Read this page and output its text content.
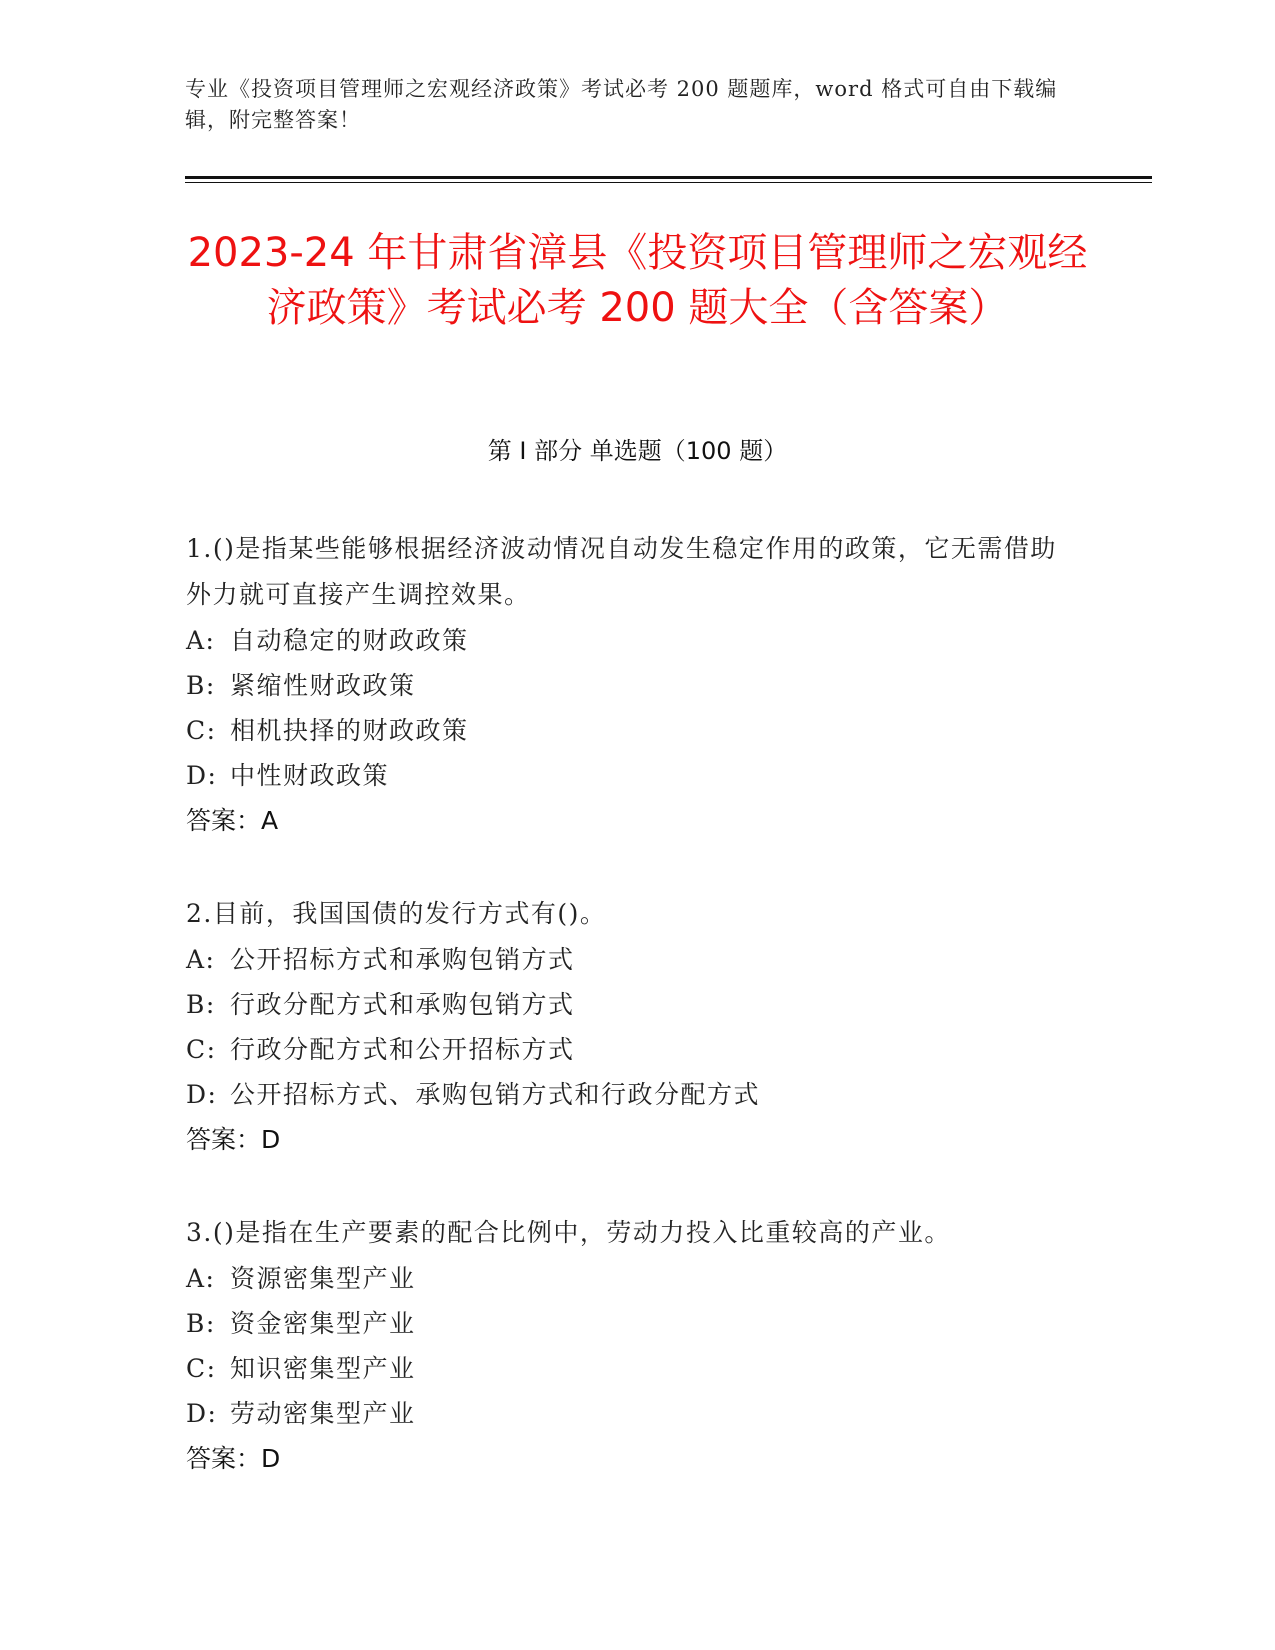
专业《投资项目管理师之宏观经济政策》考试必考 200 题题库，word 格式可自由下载编辑，附完整答案！
2023-24 年甘肃省漳县《投资项目管理师之宏观经济政策》考试必考 200 题大全（含答案）
第 I 部分 单选题（100 题）
1.()是指某些能够根据经济波动情况自动发生稳定作用的政策，它无需借助外力就可直接产生调控效果。
A: 自动稳定的财政政策
B: 紧缩性财政政策
C: 相机抉择的财政政策
D: 中性财政政策
答案：A
2.目前，我国国债的发行方式有()。
A: 公开招标方式和承购包销方式
B: 行政分配方式和承购包销方式
C: 行政分配方式和公开招标方式
D: 公开招标方式、承购包销方式和行政分配方式
答案：D
3.()是指在生产要素的配合比例中，劳动力投入比重较高的产业。
A: 资源密集型产业
B: 资金密集型产业
C: 知识密集型产业
D: 劳动密集型产业
答案：D
